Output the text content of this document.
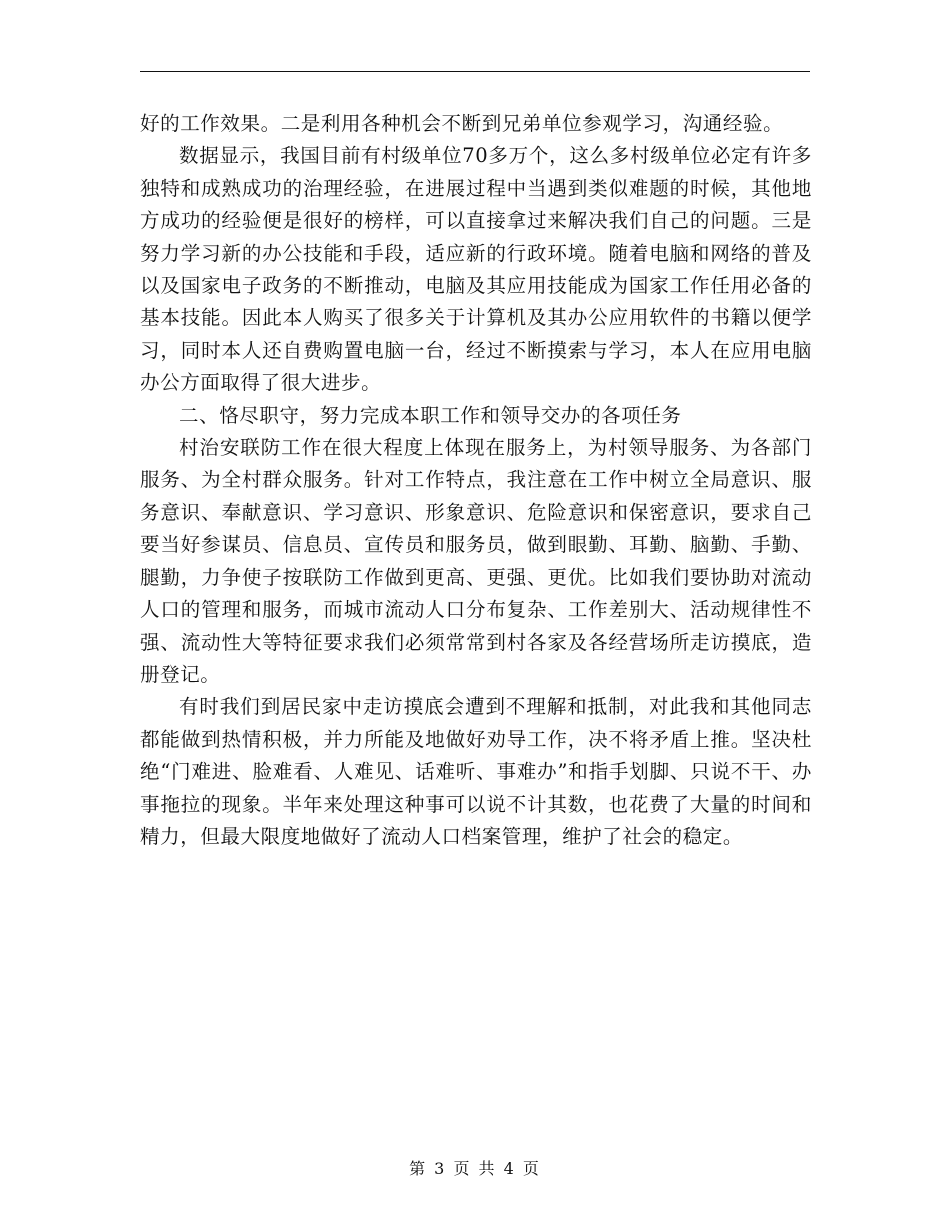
好的工作效果。二是利用各种机会不断到兄弟单位参观学习，沟通经验。

数据显示，我国目前有村级单位70多万个，这么多村级单位必定有许多独特和成熟成功的治理经验，在进展过程中当遇到类似难题的时候，其他地方成功的经验便是很好的榜样，可以直接拿过来解决我们自己的问题。三是努力学习新的办公技能和手段，适应新的行政环境。随着电脑和网络的普及以及国家电子政务的不断推动，电脑及其应用技能成为国家工作任用必备的基本技能。因此本人购买了很多关于计算机及其办公应用软件的书籍以便学习，同时本人还自费购置电脑一台，经过不断摸索与学习，本人在应用电脑办公方面取得了很大进步。

二、恪尽职守，努力完成本职工作和领导交办的各项任务

村治安联防工作在很大程度上体现在服务上，为村领导服务、为各部门服务、为全村群众服务。针对工作特点，我注意在工作中树立全局意识、服务意识、奉献意识、学习意识、形象意识、危险意识和保密意识，要求自己要当好参谋员、信息员、宣传员和服务员，做到眼勤、耳勤、脑勤、手勤、腿勤，力争使子按联防工作做到更高、更强、更优。比如我们要协助对流动人口的管理和服务，而城市流动人口分布复杂、工作差别大、活动规律性不强、流动性大等特征要求我们必须常常到村各家及各经营场所走访摸底，造册登记。

有时我们到居民家中走访摸底会遭到不理解和抵制，对此我和其他同志都能做到热情积极，并力所能及地做好劝导工作，决不将矛盾上推。坚决杜绝“门难进、脸难看、人难见、话难听、事难办”和指手划脚、只说不干、办事拖拉的现象。半年来处理这种事可以说不计其数，也花费了大量的时间和精力，但最大限度地做好了流动人口档案管理，维护了社会的稳定。

第 3 页 共 4 页
